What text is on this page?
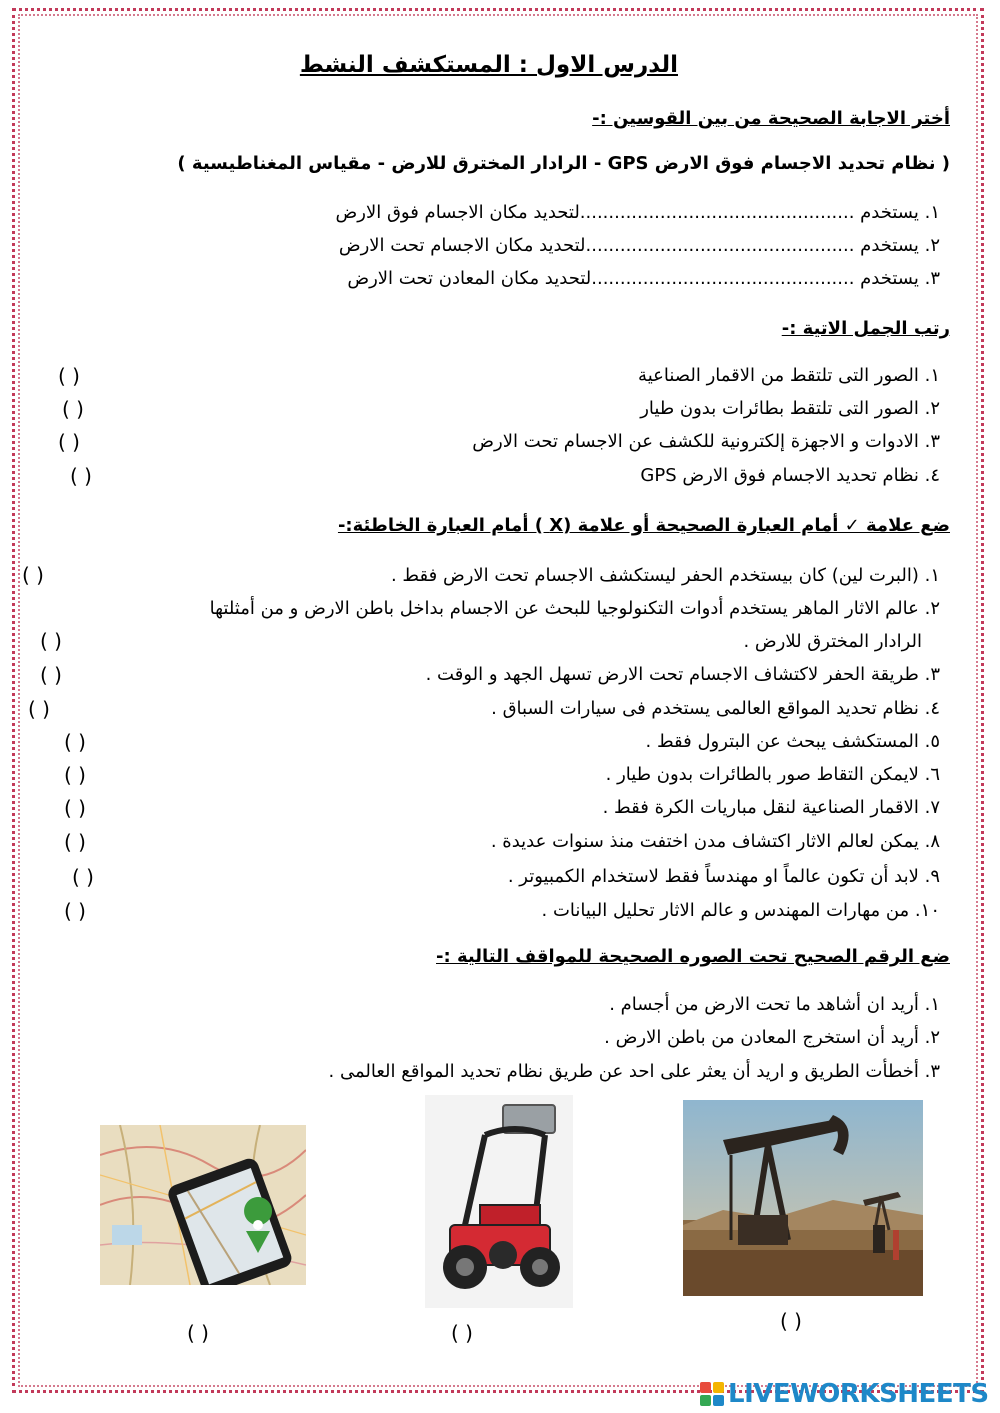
الدرس الاول : المستكشف النشط
أختر الاجابة الصحيحة من بين القوسين :-
( نظام تحديد الاجسام فوق الارض GPS - الرادار المخترق للارض - مقياس المغناطيسية )
١. يستخدم ................................................لتحديد مكان الاجسام فوق الارض
٢. يستخدم ...............................................لتحديد مكان الاجسام تحت الارض
٣. يستخدم ..............................................لتحديد مكان المعادن تحت الارض
رتب الجمل الاتية :-
١. الصور التى تلتقط من الاقمار الصناعية
( )
٢. الصور التى تلتقط بطائرات بدون طيار
( )
٣. الادوات و الاجهزة إلكترونية للكشف عن الاجسام تحت الارض
( )
٤. نظام تحديد الاجسام فوق الارض GPS
( )
ضع علامة ✓ أمام العبارة الصحيحة أو علامة (X ) أمام العبارة الخاطئة:-
١. (البرت لين) كان بيستخدم الحفر ليستكشف الاجسام تحت الارض فقط .
( )
٢. عالم الاثار الماهر يستخدم أدوات التكنولوجيا للبحث عن الاجسام بداخل باطن الارض و من أمثلتها
الرادار المخترق للارض .
( )
٣. طريقة الحفر لاكتشاف الاجسام تحت الارض تسهل الجهد و الوقت .
( )
٤. نظام تحديد المواقع العالمى يستخدم فى سيارات السباق .
( )
٥. المستكشف يبحث عن البترول فقط .
( )
٦. لايمكن التقاط صور بالطائرات بدون طيار .
( )
٧. الاقمار الصناعية لنقل مباريات الكرة فقط .
( )
٨. يمكن لعالم الاثار اكتشاف مدن اختفت منذ سنوات عديدة .
( )
٩. لابد أن تكون عالماً او مهندساً فقط لاستخدام الكمبيوتر .
( )
١٠. من مهارات المهندس و عالم الاثار تحليل البيانات .
( )
ضع الرقم الصحيح تحت الصوره الصحيحة للمواقف التالية :-
١. أريد ان أشاهد ما تحت الارض من أجسام .
٢. أريد أن استخرج المعادن من باطن الارض .
٣. أخطأت الطريق و اريد أن يعثر على احد عن طريق نظام تحديد المواقع العالمى .
( )	( )	( )
LIVEWORKSHEETS
